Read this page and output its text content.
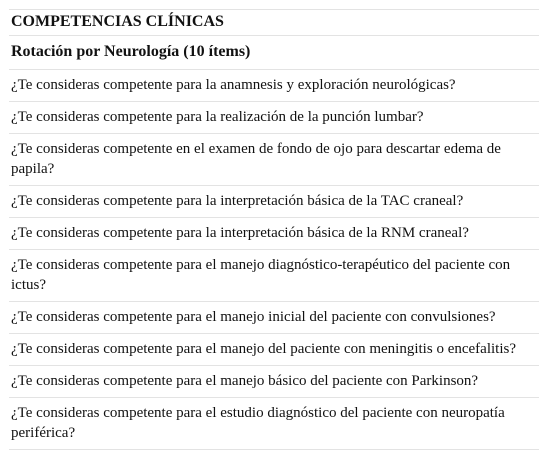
COMPETENCIAS CLÍNICAS
Rotación por Neurología (10 ítems)
¿Te consideras competente para la anamnesis y exploración neurológicas?
¿Te consideras competente para la realización de la punción lumbar?
¿Te consideras competente en el examen de fondo de ojo para descartar edema de papila?
¿Te consideras competente para la interpretación básica de la TAC craneal?
¿Te consideras competente para la interpretación básica de la RNM craneal?
¿Te consideras competente para el manejo diagnóstico-terapéutico del paciente con ictus?
¿Te consideras competente para el manejo inicial del paciente con convulsiones?
¿Te consideras competente para el manejo del paciente con meningitis o encefalitis?
¿Te consideras competente para el manejo básico del paciente con Parkinson?
¿Te consideras competente para el estudio diagnóstico del paciente con neuropatía periférica?
